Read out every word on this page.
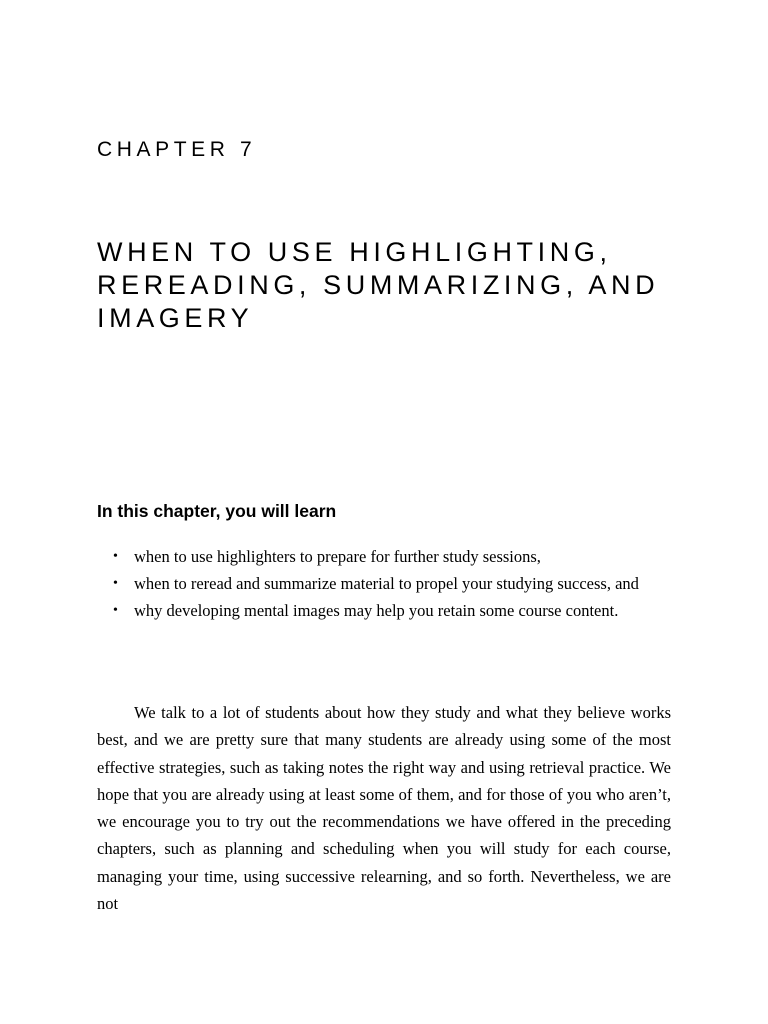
CHAPTER 7
WHEN TO USE HIGHLIGHTING,
REREADING, SUMMARIZING, AND
IMAGERY
In this chapter, you will learn
• when to use highlighters to prepare for further study sessions,
• when to reread and summarize material to propel your studying success, and
• why developing mental images may help you retain some course content.

We talk to a lot of students about how they study and what they believe works best, and we are pretty sure that many students are already using some of the most effective strategies, such as taking notes the right way and using retrieval practice. We hope that you are already using at least some of them, and for those of you who aren’t, we encourage you to try out the recommendations we have offered in the preceding chapters, such as planning and scheduling when you will study for each course, managing your time, using successive relearning, and so forth. Nevertheless, we are not
